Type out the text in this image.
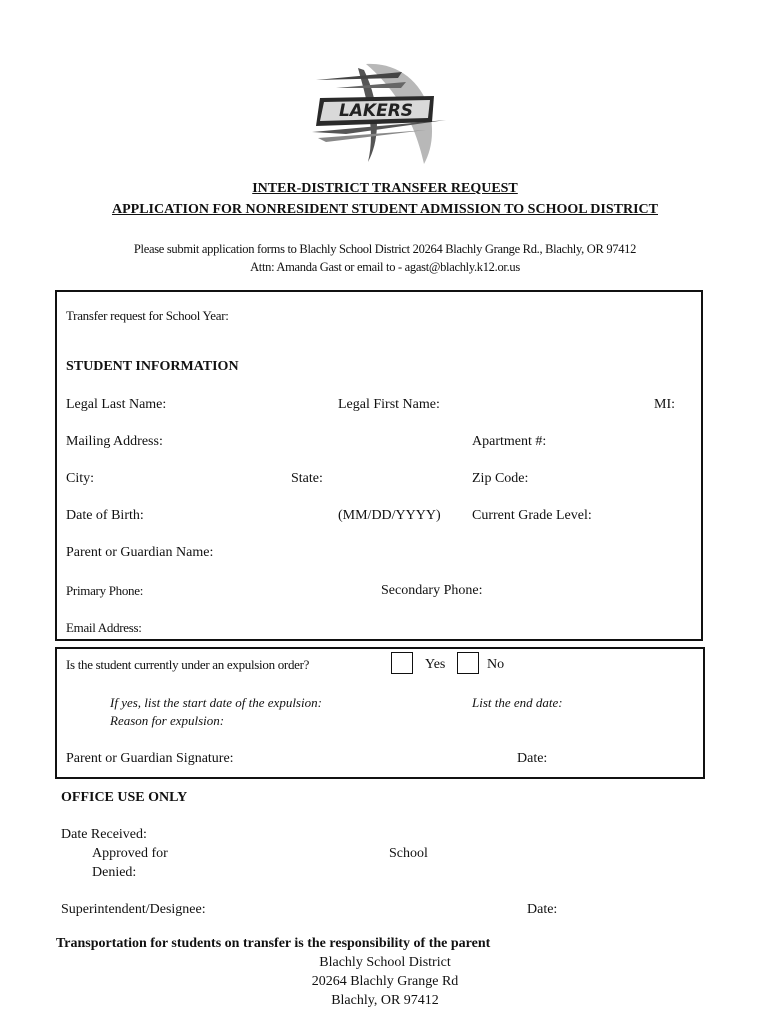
LAKERS
INTER-DISTRICT TRANSFER REQUEST
APPLICATION FOR NONRESIDENT STUDENT ADMISSION TO SCHOOL DISTRICT
Please submit application forms to Blachly School District 20264 Blachly Grange Rd., Blachly, OR 97412
Attn: Amanda Gast or email to - agast@blachly.k12.or.us
Transfer request for School Year:
STUDENT INFORMATION
Legal Last Name:	Legal First Name:	MI:
Mailing Address:	Apartment #:
City:	State:	Zip Code:
Date of Birth:	(MM/DD/YYYY) Current Grade Level:
Parent or Guardian Name:
Primary Phone:	Secondary Phone:
Email Address:
Is the student currently under an expulsion order?	Yes	No
If yes, list the start date of the expulsion:	List the end date:
Reason for expulsion:
Parent or Guardian Signature:	Date:
OFFICE USE ONLY
Date Received:
Approved for	School
Denied:
Superintendent/Designee:	Date:
Transportation for students on transfer is the responsibility of the parent
Blachly School District
20264 Blachly Grange Rd
Blachly, OR 97412
